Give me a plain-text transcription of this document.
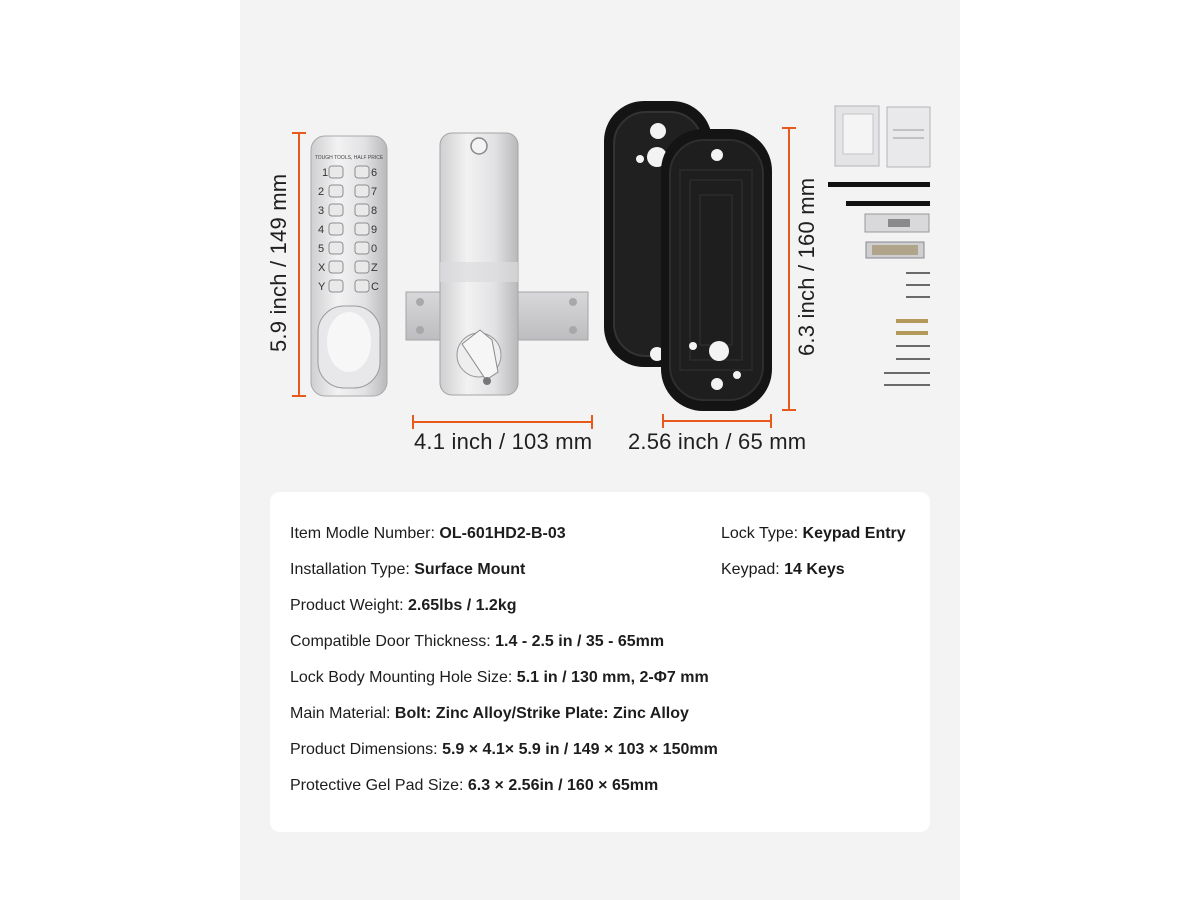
TOUGH TOOLS, HALF PRICE
1
2
3
4
5
X
Y
6
7
8
9
0
Z
C
5.9 inch / 149 mm
4.1 inch / 103 mm
6.3 inch / 160 mm
2.56 inch / 65 mm
Item Modle Number: OL-601HD2-B-03	Lock Type: Keypad Entry
Installation Type: Surface Mount	Keypad: 14 Keys
Product Weight: 2.65lbs / 1.2kg
Compatible Door Thickness: 1.4 - 2.5 in / 35 - 65mm
Lock Body Mounting Hole Size: 5.1 in / 130 mm, 2-Φ7 mm
Main Material: Bolt: Zinc Alloy/Strike Plate: Zinc Alloy
Product Dimensions: 5.9 × 4.1× 5.9 in / 149 × 103 × 150mm
Protective Gel Pad Size: 6.3 × 2.56in / 160 × 65mm
